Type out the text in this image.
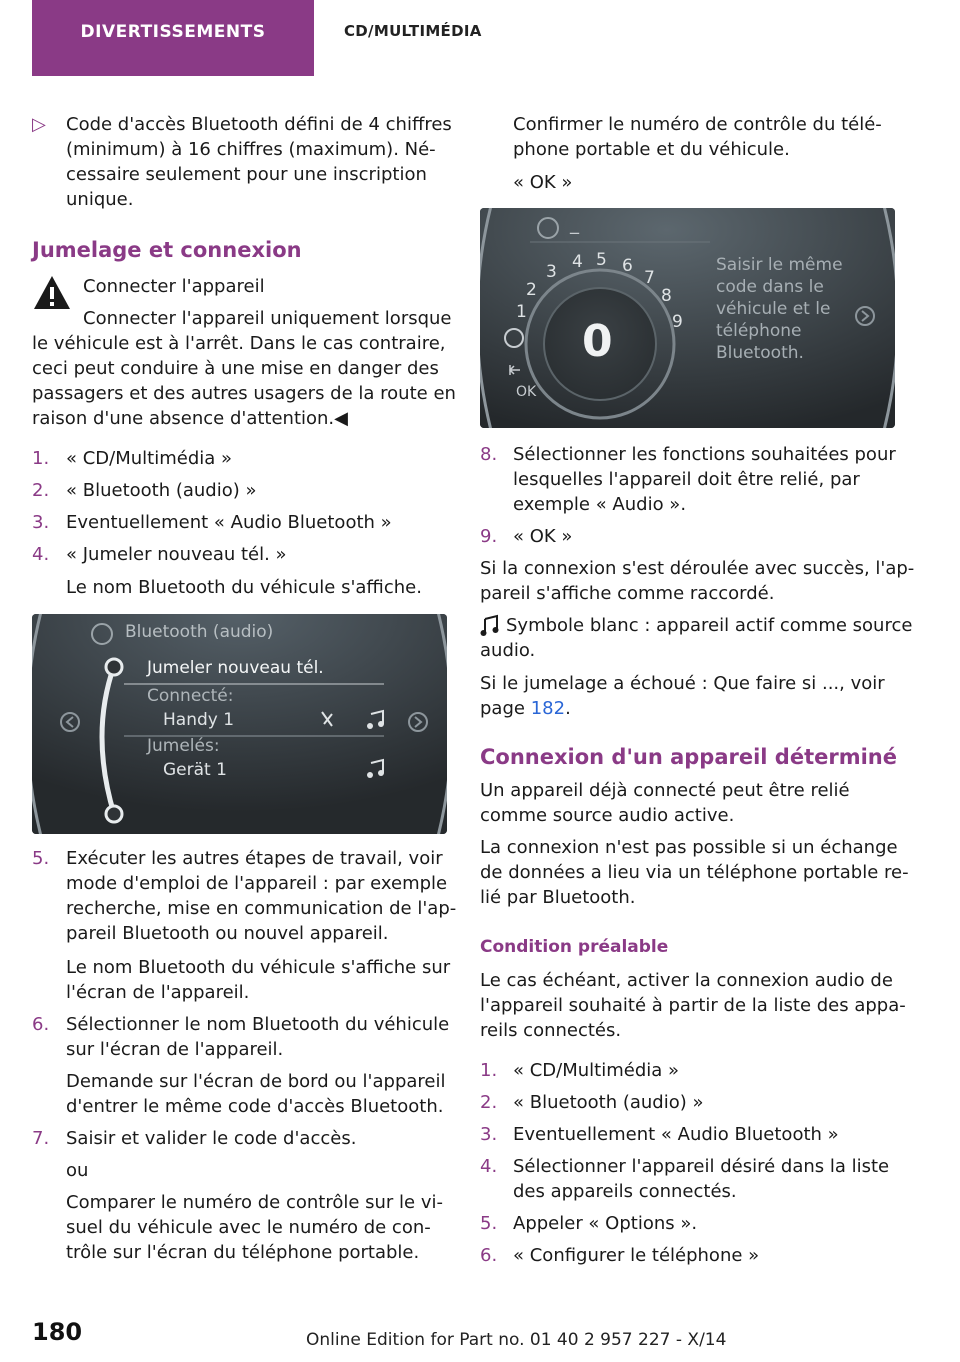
DIVERTISSEMENTS	CD/MULTIMÉDIA
▷ Code d'accès Bluetooth défini de 4 chiffres
(minimum) à 16 chiffres (maximum). Né‐
cessaire seulement pour une inscription
unique.
Jumelage et connexion
Connecter l'appareil
Connecter l'appareil uniquement lorsque
le véhicule est à l'arrêt. Dans le cas contraire,
ceci peut conduire à une mise en danger des
passagers et des autres usagers de la route en
raison d'une absence d'attention.◀
1. « CD/Multimédia »
2. « Bluetooth (audio) »
3. Eventuellement « Audio Bluetooth »
4. « Jumeler nouveau tél. »
Le nom Bluetooth du véhicule s'affiche.
Bluetooth (audio)
Jumeler nouveau tél.
Connecté:
Handy 1
Jumelés:
Gerät 1
5. Exécuter les autres étapes de travail, voir
mode d'emploi de l'appareil : par exemple
recherche, mise en communication de l'ap‐
pareil Bluetooth ou nouvel appareil.
Le nom Bluetooth du véhicule s'affiche sur
l'écran de l'appareil.
6. Sélectionner le nom Bluetooth du véhicule
sur l'écran de l'appareil.
Demande sur l'écran de bord ou l'appareil
d'entrer le même code d'accès Bluetooth.
7. Saisir et valider le code d'accès.
ou
Comparer le numéro de contrôle sur le vi‐
suel du véhicule avec le numéro de con‐
trôle sur l'écran du téléphone portable.
Confirmer le numéro de contrôle du télé‐
phone portable et du véhicule.
« OK »
_
1
2
3 4 5 6
7
8
9
0
OK
Saisir le même
code dans le
véhicule et le
téléphone
Bluetooth.
8. Sélectionner les fonctions souhaitées pour
lesquelles l'appareil doit être relié, par
exemple « Audio ».
9. « OK »
Si la connexion s'est déroulée avec succès, l'ap‐
pareil s'affiche comme raccordé.
Symbole blanc : appareil actif comme source
audio.
Si le jumelage a échoué : Que faire si ..., voir
page 182.
Connexion d'un appareil déterminé
Un appareil déjà connecté peut être relié
comme source audio active.
La connexion n'est pas possible si un échange
de données a lieu via un téléphone portable re‐
lié par Bluetooth.
Condition préalable
Le cas échéant, activer la connexion audio de
l'appareil souhaité à partir de la liste des appa‐
reils connectés.
1. « CD/Multimédia »
2. « Bluetooth (audio) »
3. Eventuellement « Audio Bluetooth »
4. Sélectionner l'appareil désiré dans la liste
des appareils connectés.
5. Appeler « Options ».
6. « Configurer le téléphone »
180	Online Edition for Part no. 01 40 2 957 227 - X/14
